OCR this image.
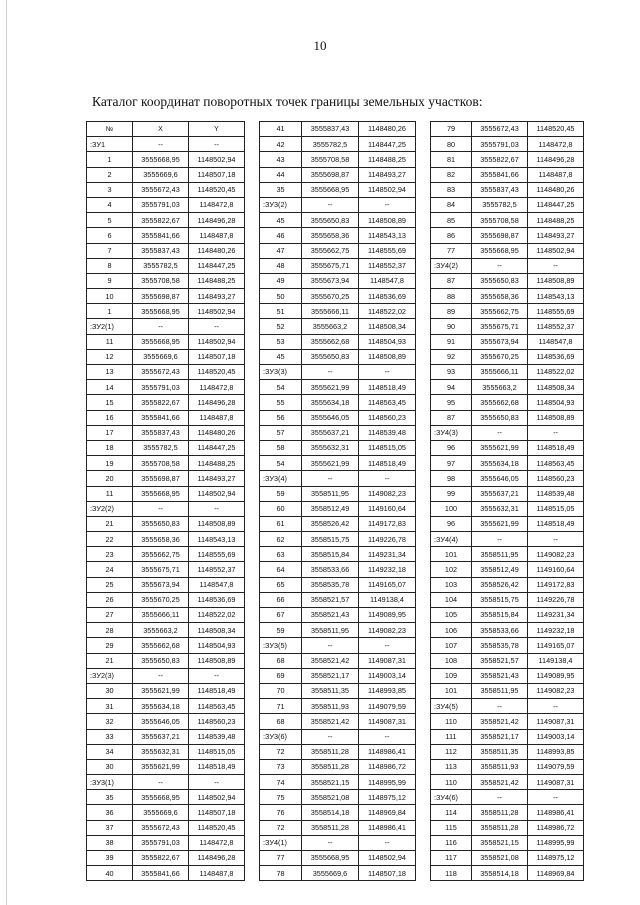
10
Каталог координат поворотных точек границы земельных участков:
№	X	Y
:ЗУ1	--	--
1	3555668,95	1148502,94
2	3555669,6	1148507,18
3	3555672,43	1148520,45
4	3555791,03	1148472,8
5	3555822,67	1148496,28
6	3555841,66	1148487,8
7	3555837,43	1148480,26
8	3555782,5	1148447,25
9	3555708,58	1148488,25
10	3555698,87	1148493,27
1	3555668,95	1148502,94
:ЗУ2(1)	--	--
11	3555668,95	1148502,94
12	3555669,6	1148507,18
13	3555672,43	1148520,45
14	3555791,03	1148472,8
15	3555822,67	1148496,28
16	3555841,66	1148487,8
17	3555837,43	1148480,26
18	3555782,5	1148447,25
19	3555708,58	1148488,25
20	3555698,87	1148493,27
11	3555668,95	1148502,94
:ЗУ2(2)	--	--
21	3555650,83	1148508,89
22	3555658,36	1148543,13
23	3555662,75	1148555,69
24	3555675,71	1148552,37
25	3555673,94	1148547,8
26	3555670,25	1148536,69
27	3555666,11	1148522,02
28	3555663,2	1148508,34
29	3555662,68	1148504,93
21	3555650,83	1148508,89
:ЗУ2(3)	--	--
30	3555621,99	1148518,49
31	3555634,18	1148563,45
32	3555646,05	1148560,23
33	3555637,21	1148539,48
34	3555632,31	1148515,05
30	3555621,99	1148518,49
:ЗУ3(1)	--	--
35	3555668,95	1148502,94
36	3555669,6	1148507,18
37	3555672,43	1148520,45
38	3555791,03	1148472,8
39	3555822,67	1148496,28
40	3555841,66	1148487,8
41	3555837,43	1148480,26
42	3555782,5	1148447,25
43	3555708,58	1148488,25
44	3555698,87	1148493,27
35	3555668,95	1148502,94
:ЗУ3(2)	--	--
45	3555650,83	1148508,89
46	3555658,36	1148543,13
47	3555662,75	1148555,69
48	3555675,71	1148552,37
49	3555673,94	1148547,8
50	3555670,25	1148536,69
51	3555666,11	1148522,02
52	3555663,2	1148508,34
53	3555662,68	1148504,93
45	3555650,83	1148508,89
:ЗУ3(3)	--	--
54	3555621,99	1148518,49
55	3555634,18	1148563,45
56	3555646,05	1148560,23
57	3555637,21	1148539,48
58	3555632,31	1148515,05
54	3555621,99	1148518,49
:ЗУ3(4)	--	--
59	3558511,95	1149082,23
60	3558512,49	1149160,64
61	3558526,42	1149172,83
62	3558515,75	1149226,78
63	3558515,84	1149231,34
64	3558533,66	1149232,18
65	3558535,78	1149165,07
66	3558521,57	1149138,4
67	3558521,43	1149089,95
59	3558511,95	1149082,23
:ЗУ3(5)	--	--
68	3558521,42	1149087,31
69	3558521,17	1149003,14
70	3558511,35	1148993,85
71	3558511,93	1149079,59
68	3558521,42	1149087,31
:ЗУ3(6)	--	--
72	3558511,28	1148986,41
73	3558511,28	1148986,72
74	3558521,15	1148995,99
75	3558521,08	1148975,12
76	3558514,18	1148969,84
72	3558511,28	1148986,41
:ЗУ4(1)	--	--
77	3555668,95	1148502,94
78	3555669,6	1148507,18
79	3555672,43	1148520,45
80	3555791,03	1148472,8
81	3555822,67	1148496,28
82	3555841,66	1148487,8
83	3555837,43	1148480,26
84	3555782,5	1148447,25
85	3555708,58	1148488,25
86	3555698,87	1148493,27
77	3555668,95	1148502,94
:ЗУ4(2)	--	--
87	3555650,83	1148508,89
88	3555658,36	1148543,13
89	3555662,75	1148555,69
90	3555675,71	1148552,37
91	3555673,94	1148547,8
92	3555670,25	1148536,69
93	3555666,11	1148522,02
94	3555663,2	1148508,34
95	3555662,68	1148504,93
87	3555650,83	1148508,89
:ЗУ4(3)	--	--
96	3555621,99	1148518,49
97	3555634,18	1148563,45
98	3555646,05	1148560,23
99	3555637,21	1148539,48
100	3555632,31	1148515,05
96	3555621,99	1148518,49
:ЗУ4(4)	--	--
101	3558511,95	1149082,23
102	3558512,49	1149160,64
103	3558526,42	1149172,83
104	3558515,75	1149226,78
105	3558515,84	1149231,34
106	3558533,66	1149232,18
107	3558535,78	1149165,07
108	3558521,57	1149138,4
109	3558521,43	1149089,95
101	3558511,95	1149082,23
:ЗУ4(5)	--	--
110	3558521,42	1149087,31
111	3558521,17	1149003,14
112	3558511,35	1148993,85
113	3558511,93	1149079,59
110	3558521,42	1149087,31
:ЗУ4(6)	--	--
114	3558511,28	1148986,41
115	3558511,28	1148986,72
116	3558521,15	1148995,99
117	3558521,08	1148975,12
118	3558514,18	1148969,84
